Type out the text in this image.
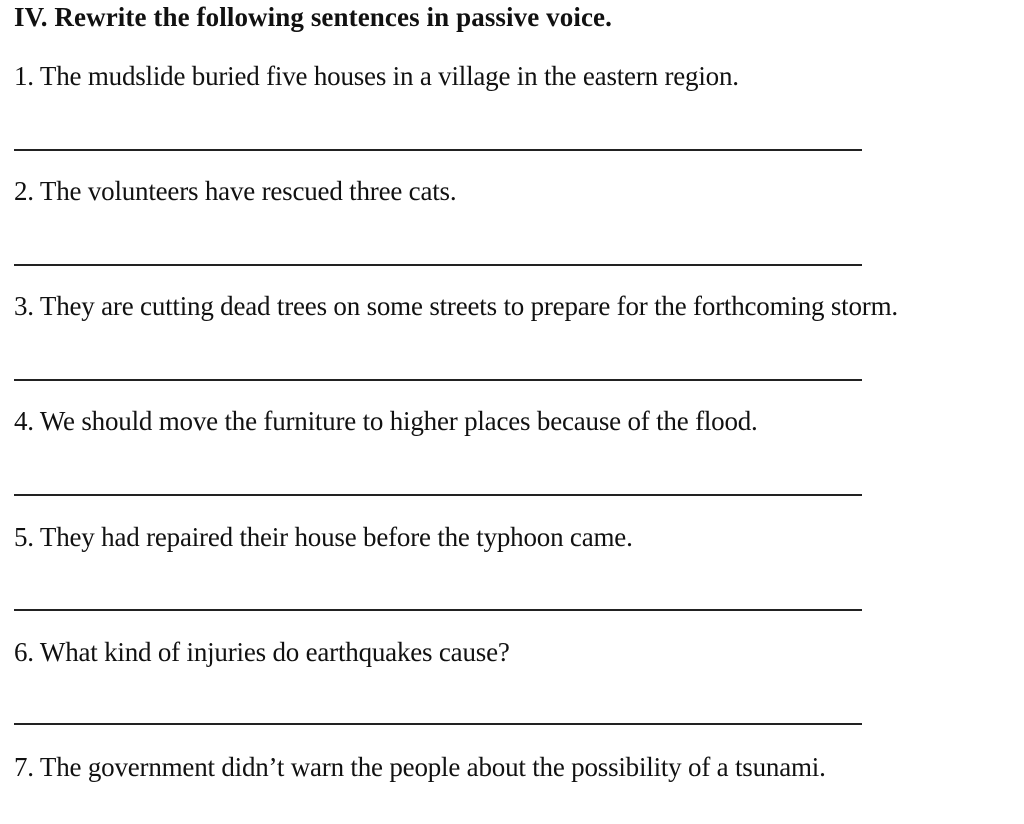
IV. Rewrite the following sentences in passive voice.
1. The mudslide buried five houses in a village in the eastern region.
2. The volunteers have rescued three cats.
3. They are cutting dead trees on some streets to prepare for the forthcoming storm.
4. We should move the furniture to higher places because of the flood.
5. They had repaired their house before the typhoon came.
6. What kind of injuries do earthquakes cause?
7. The government didn’t warn the people about the possibility of a tsunami.
